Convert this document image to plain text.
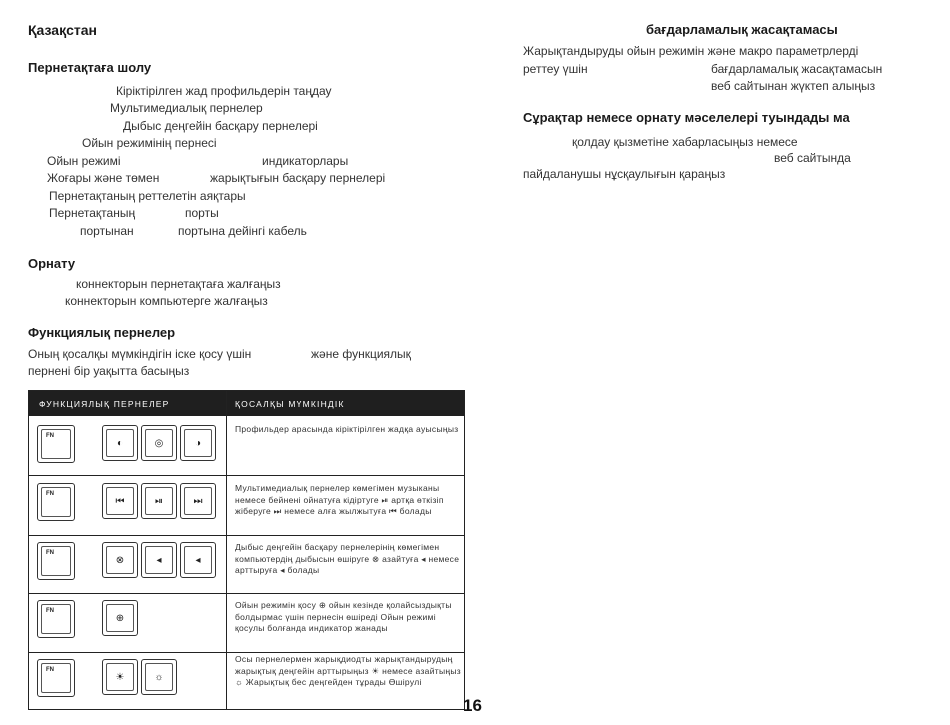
Қазақстан
Пернетақтаға шолу
Кіріктірілген жад профильдерін таңдау
Мультимедиалық пернелер
Дыбыс деңгейін басқару пернелері
Ойын режимінің пернесі
Ойын режимі	индикаторлары
Жоғары және төмен	жарықтығын басқару пернелері
Пернетақтаның реттелетін аяқтары
Пернетақтаның	порты
портынан	портына дейінгі кабель
Орнату
коннекторын пернетақтаға жалғаңыз
коннекторын компьютерге жалғаңыз
Функциялық пернелер
Оның қосалқы мүмкіндігін іске қосу үшін	және функциялық
пернені бір уақытта басыңыз
ФУНКЦИЯЛЫҚ ПЕРНЕЛЕР	ҚОСАЛҚЫ МҮМКІНДІК
FN
◐	◎	◑
Профильдер арасында кіріктірілген жадқа ауысыңыз
FN
⏮	⏯	⏭
Мультимедиалық пернелер көмегімен музыканы немесе бейнені ойнатуға кідіртуге ⏯ артқа өткізіп жіберуге ⏭ немесе алға жылжытуға ⏮ болады
FN
⊗	◂	◂
Дыбыс деңгейін басқару пернелерінің көмегімен компьютердің дыбысын өшіруге ⊗ азайтуға ◂ немесе арттыруға ◂ болады
FN
⊕
Ойын режимін қосу ⊕ ойын кезінде қолайсыздықты болдырмас үшін пернесін өшіреді Ойын режимі қосулы болғанда индикатор жанады
FN
☀	☼
Осы пернелермен жарықдиодты жарықтандырудың жарықтық деңгейін арттырыңыз ☀ немесе азайтыңыз ☼ Жарықтық бес деңгейден тұрады Өшірулі
16
бағдарламалық жасақтамасы
Жарықтандыруды ойын режимін және макро параметрлерді
реттеу үшін	бағдарламалық жасақтамасын
веб сайтынан жүктеп алыңыз
Сұрақтар немесе орнату мәселелері туындады ма
қолдау қызметіне хабарласыңыз немесе
веб сайтында
пайдаланушы нұсқаулығын қараңыз
